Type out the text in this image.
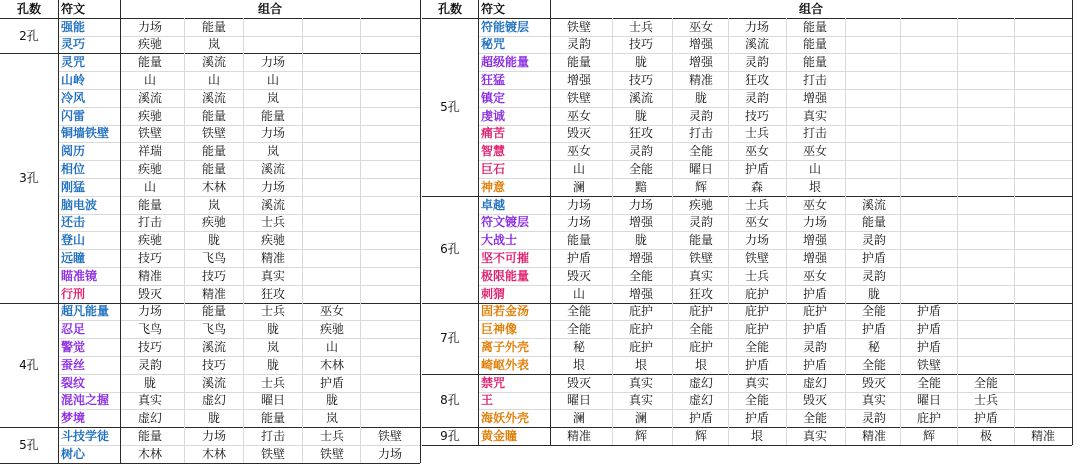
孔数	符文	组合
2孔
强能	力场	能量
灵巧	疾驰	岚
3孔
灵咒	能量	溪流	力场
山岭	山	山	山
冷风	溪流	溪流	岚
闪雷	疾驰	能量	能量
铜墙铁壁	铁壁	铁壁	力场
阅历	祥瑞	能量	岚
相位	疾驰	能量	溪流
刚猛	山	木林	力场
脑电波	能量	岚	溪流
还击	打击	疾驰	士兵
登山	疾驰	胧	疾驰
远瞳	技巧	飞鸟	精准
瞄准镜	精准	技巧	真实
行刑	毁灭	精准	狂攻
4孔
超凡能量	力场	能量	士兵	巫女
忍足	飞鸟	飞鸟	胧	疾驰
警觉	技巧	溪流	岚	山
蚕丝	灵韵	技巧	胧	木林
裂纹	胧	溪流	士兵	护盾
混沌之握	真实	虚幻	曜日	胧
梦境	虚幻	胧	能量	岚
5孔
斗技学徒	能量	力场	打击	士兵	铁壁
树心	木林	木林	铁壁	铁壁	力场
孔数	符文	组合
5孔
符能镀层	铁壁	士兵	巫女	力场	能量
秘咒	灵韵	技巧	增强	溪流	能量
超级能量	能量	胧	增强	灵韵	能量
狂猛	增强	技巧	精准	狂攻	打击
镇定	铁壁	溪流	胧	灵韵	增强
虔诚	巫女	胧	灵韵	技巧	真实
痛苦	毁灭	狂攻	打击	士兵	打击
智慧	巫女	灵韵	全能	巫女	巫女
巨石	山	全能	曜日	护盾	山
神意	澜	黯	辉	森	垠
6孔
卓越	力场	力场	疾驰	士兵	巫女	溪流
符文镀层	力场	增强	灵韵	巫女	力场	能量
大战士	能量	胧	能量	力场	增强	灵韵
坚不可摧	护盾	增强	铁壁	铁壁	增强	护盾
极限能量	毁灭	全能	真实	士兵	巫女	灵韵
刺猬	山	增强	狂攻	庇护	护盾	胧
7孔
固若金汤	全能	庇护	庇护	庇护	庇护	全能	护盾
巨神像	全能	庇护	全能	庇护	护盾	护盾	护盾
离子外壳	秘	庇护	庇护	全能	灵韵	秘	护盾
崎岖外表	垠	垠	垠	护盾	护盾	全能	铁壁
8孔
禁咒	毁灭	真实	虚幻	真实	虚幻	毁灭	全能	全能
王	曜日	真实	虚幻	全能	毁灭	真实	曜日	士兵
海妖外壳	澜	澜	护盾	护盾	全能	灵韵	庇护	护盾
9孔	黄金瞳	精准	辉	辉	垠	真实	精准	辉	极	精准
